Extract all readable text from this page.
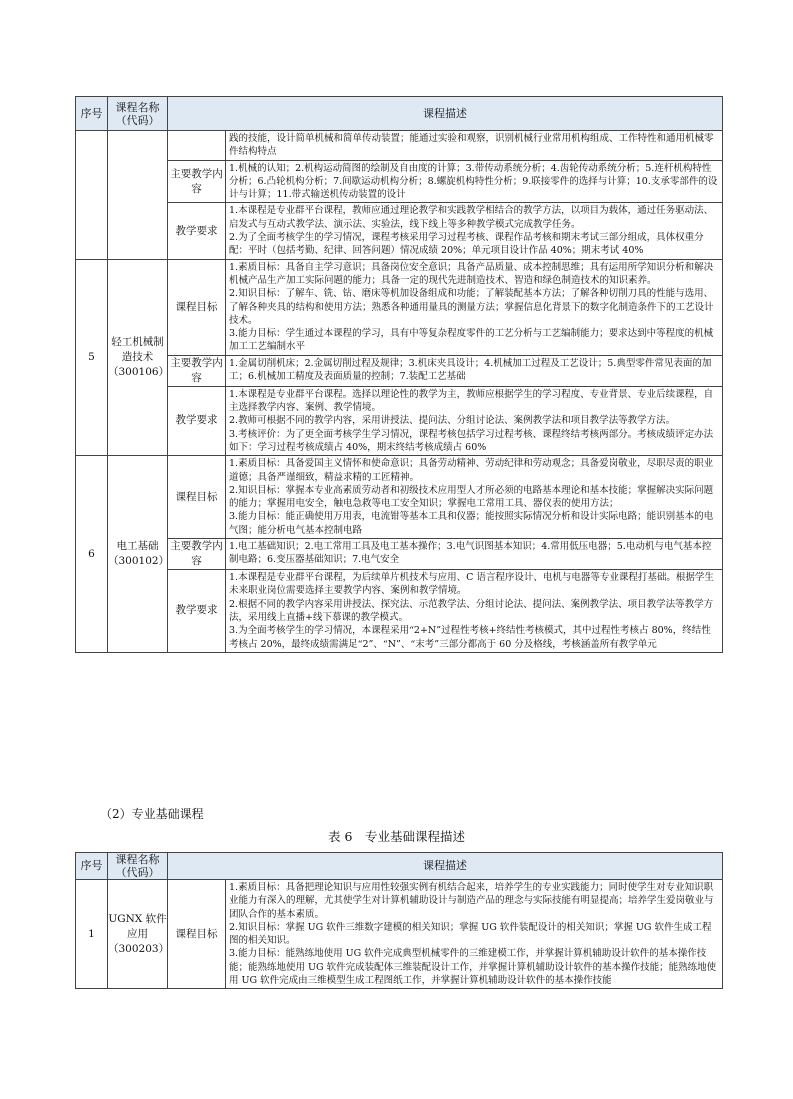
序号	课程名称（代码）	课程描述	
			践的技能，设计简单机械和简单传动装置；能通过实验和观察，识别机械行业常用机构组成、工作特性和通用机械零件结构特点
		主要教学内容	1.机械的认知；2.机构运动简图的绘制及自由度的计算；3.带传动系统分析；4.齿轮传动系统分析；5.连杆机构特性分析；6.凸轮机构分析；7.间歇运动机构分析；8.螺旋机构特性分析；9.联接零件的选择与计算；10.支承零部件的设计与计算；11.带式输送机传动装置的设计
		教学要求	1.本课程是专业群平台课程，教师应通过理论教学和实践教学相结合的教学方法，以项目为载体，通过任务驱动法、启发式与互动式教学法、演示法、实验法，线下线上等多种教学模式完成教学任务。
2.为了全面考核学生的学习情况，课程考核采用学习过程考核、课程作品考核和期末考试三部分组成，具体权重分配：平时（包括考勤、纪律、回答问题）情况成绩 20%；单元项目设计作品 40%；期末考试 40%
5	轻工机械制造技术（300106）	课程目标	1.素质目标：具备自主学习意识；具备岗位安全意识；具备产品质量、成本控制思维；具有运用所学知识分析和解决机械产品生产加工实际问题的能力；具备一定的现代先进制造技术、智造和绿色制造技术的知识素养。
2.知识目标：了解车、铣、钻、磨床等机加设备组成和功能；了解装配基本方法；了解各种切削刀具的性能与选用、了解各种夹具的结构和使用方法；熟悉各种通用量具的测量方法；掌握信息化背景下的数字化制造条件下的工艺设计技术。
3.能力目标：学生通过本课程的学习，具有中等复杂程度零件的工艺分析与工艺编制能力；要求达到中等程度的机械加工工艺编制水平
		主要教学内容	1.金属切削机床；2.金属切削过程及规律；3.机床夹具设计；4.机械加工过程及工艺设计；5.典型零件常见表面的加工；6.机械加工精度及表面质量的控制；7.装配工艺基础
		教学要求	1.本课程是专业群平台课程。选择以理论性的教学为主，教师应根据学生的学习程度、专业背景、专业后续课程，自主选择教学内容、案例、教学情境。
2.教师可根据不同的教学内容，采用讲授法、提问法、分组讨论法、案例教学法和项目教学法等教学方法。
3.考核评价：为了更全面考核学生学习情况，课程考核包括学习过程考核、课程终结考核两部分。考核成绩评定办法如下：学习过程考核成绩占 40%，期末终结考核成绩占 60%
6	电工基础（300102）	课程目标	1.素质目标：具备爱国主义情怀和使命意识；具备劳动精神、劳动纪律和劳动观念；具备爱岗敬业，尽职尽责的职业道德；具备严谨细致，精益求精的工匠精神。
2.知识目标：掌握本专业高素质劳动者和初级技术应用型人才所必须的电路基本理论和基本技能；掌握解决实际问题的能力；掌握用电安全，触电急救等电工安全知识；掌握电工常用工具、器仪表的使用方法；
3.能力目标：能正确使用万用表，电流钳等基本工具和仪器；能按照实际情况分析和设计实际电路；能识别基本的电气图；能分析电气基本控制电路
		主要教学内容	1.电工基础知识；2.电工常用工具及电工基本操作；3.电气识图基本知识；4.常用低压电器；5.电动机与电气基本控制电路；6.变压器基础知识；7.电气安全
		教学要求	1.本课程是专业群平台课程，为后续单片机技术与应用、C 语言程序设计、电机与电器等专业课程打基础。根据学生未来职业岗位需要选择主要教学内容、案例和教学情境。
2.根据不同的教学内容采用讲授法、探究法、示范教学法、分组讨论法、提问法、案例教学法、项目教学法等教学方法，采用线上直播+线下慕课的教学模式。
3.为全面考核学生的学习情况，本课程采用“2+N”过程性考核+终结性考核模式，其中过程性考核占 80%，终结性考核占 20%，最终成绩需满足“2”、“N”、“末考”三部分都高于 60 分及格线，考核涵盖所有教学单元
（2）专业基础课程
表 6　专业基础课程描述
序号	课程名称（代码）	课程描述	
1	UGNX 软件应用（300203）	课程目标	1.素质目标：具备把理论知识与应用性较强实例有机结合起来，培养学生的专业实践能力；同时使学生对专业知识职业能力有深入的理解，尤其使学生对计算机辅助设计与制造产品的理念与实际技能有明显提高；培养学生爱岗敬业与团队合作的基本素质。
2.知识目标：掌握 UG 软件三维数字建模的相关知识；掌握 UG 软件装配设计的相关知识；掌握 UG 软件生成工程图的相关知识。
3.能力目标：能熟练地使用 UG 软件完成典型机械零件的三维建模工作，并掌握计算机辅助设计软件的基本操作技能；能熟练地使用 UG 软件完成装配体三维装配设计工作，并掌握计算机辅助设计软件的基本操作技能；能熟练地使用 UG 软件完成由三维模型生成工程图纸工作，并掌握计算机辅助设计软件的基本操作技能
